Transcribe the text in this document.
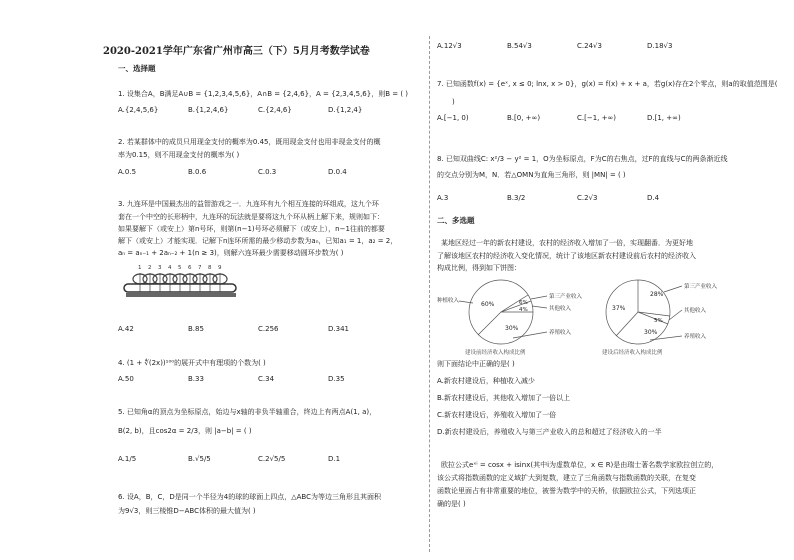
2020-2021学年广东省广州市高三（下）5月月考数学试卷
一、选择题
1. 设集合A，B满足A∪B = {1,2,3,4,5,6}，A∩B = {2,4,6}，A = {2,3,4,5,6}，则B = ( )
A.{2,4,5,6}	B.{1,2,4,6}	C.{2,4,6}	D.{1,2,4}
2. 若某群体中的成员只用现金支付的概率为0.45，既用现金支付也用非现金支付的概
率为0.15，则不用现金支付的概率为( )
A.0.5	B.0.6	C.0.3	D.0.4
3. 九连环是中国最杰出的益智游戏之一．九连环有九个相互连接的环组成，这九个环
套在一个中空的长形柄中，九连环的玩法就是要将这九个环从柄上解下来，规则如下：
如果要解下（或安上）第n号环，则第(n−1)号环必须解下（或安上），n−1往前的都要
解下（或安上）才能实现．记解下n连环所需的最少移动步数为aₙ，已知a₁ = 1，a₂ = 2，
aₙ = aₙ₋₁ + 2aₙ₋₂ + 1(n ≥ 3)，则解六连环最少需要移动圆环步数为( )
1 2 3 4 5 6 7 8 9
A.42	B.85	C.256	D.341
4. (1 + ∜(2x))¹⁰⁰的展开式中有理项的个数为( )
A.50	B.33	C.34	D.35
5. 已知角α的顶点为坐标原点，始边与x轴的非负半轴重合，终边上有两点A(1, a)，
B(2, b)，且cos2α = 2/3，则 |a−b| = ( )
A.1/5	B.√5/5	C.2√5/5	D.1
6. 设A，B，C，D是同一个半径为4的球的球面上四点，△ABC为等边三角形且其面积
为9√3，则三棱锥D−ABC体积的最大值为( )
A.12√3	B.54√3	C.24√3	D.18√3
7. 已知函数f(x) = {eˣ, x ≤ 0; lnx, x > 0}，g(x) = f(x) + x + a，若g(x)存在2个零点，则a的取值范围是(
)
A.[−1, 0)	B.[0, +∞)	C.[−1, +∞)	D.[1, +∞)
8. 已知双曲线C: x²/3 − y² = 1，O为坐标原点，F为C的右焦点，过F的直线与C的两条渐近线
的交点分别为M，N．若△OMN为直角三角形，则 |MN| = ( )
A.3	B.3/2	C.2√3	D.4
二、多选题
某地区经过一年的新农村建设，农村的经济收入增加了一倍，实现翻番．为更好地
了解该地区农村的经济收入变化情况，统计了该地区新农村建设前后农村的经济收入
构成比例，得到如下饼图：
种植收入
第三产业收入
其他收入
养殖收入
60%	6%
4%
30%
建设前经济收入构成比例
第三产业收入
其他收入
养殖收入
28%
37%
5%
30%
建设后经济收入构成比例
则下面结论中正确的是( )
A.新农村建设后，种植收入减少
B.新农村建设后，其他收入增加了一倍以上
C.新农村建设后，养殖收入增加了一倍
D.新农村建设后，养殖收入与第三产业收入的总和超过了经济收入的一半
欧拉公式eˣⁱ = cosx + isinx(其中i为虚数单位，x ∈ R)是由瑞士著名数学家欧拉创立的，
该公式将指数函数的定义域扩大到复数，建立了三角函数与指数函数的关联，在复变
函数论里面占有非常重要的地位，被誉为数学中的天桥，依据欧拉公式，下列选项正
确的是( )
